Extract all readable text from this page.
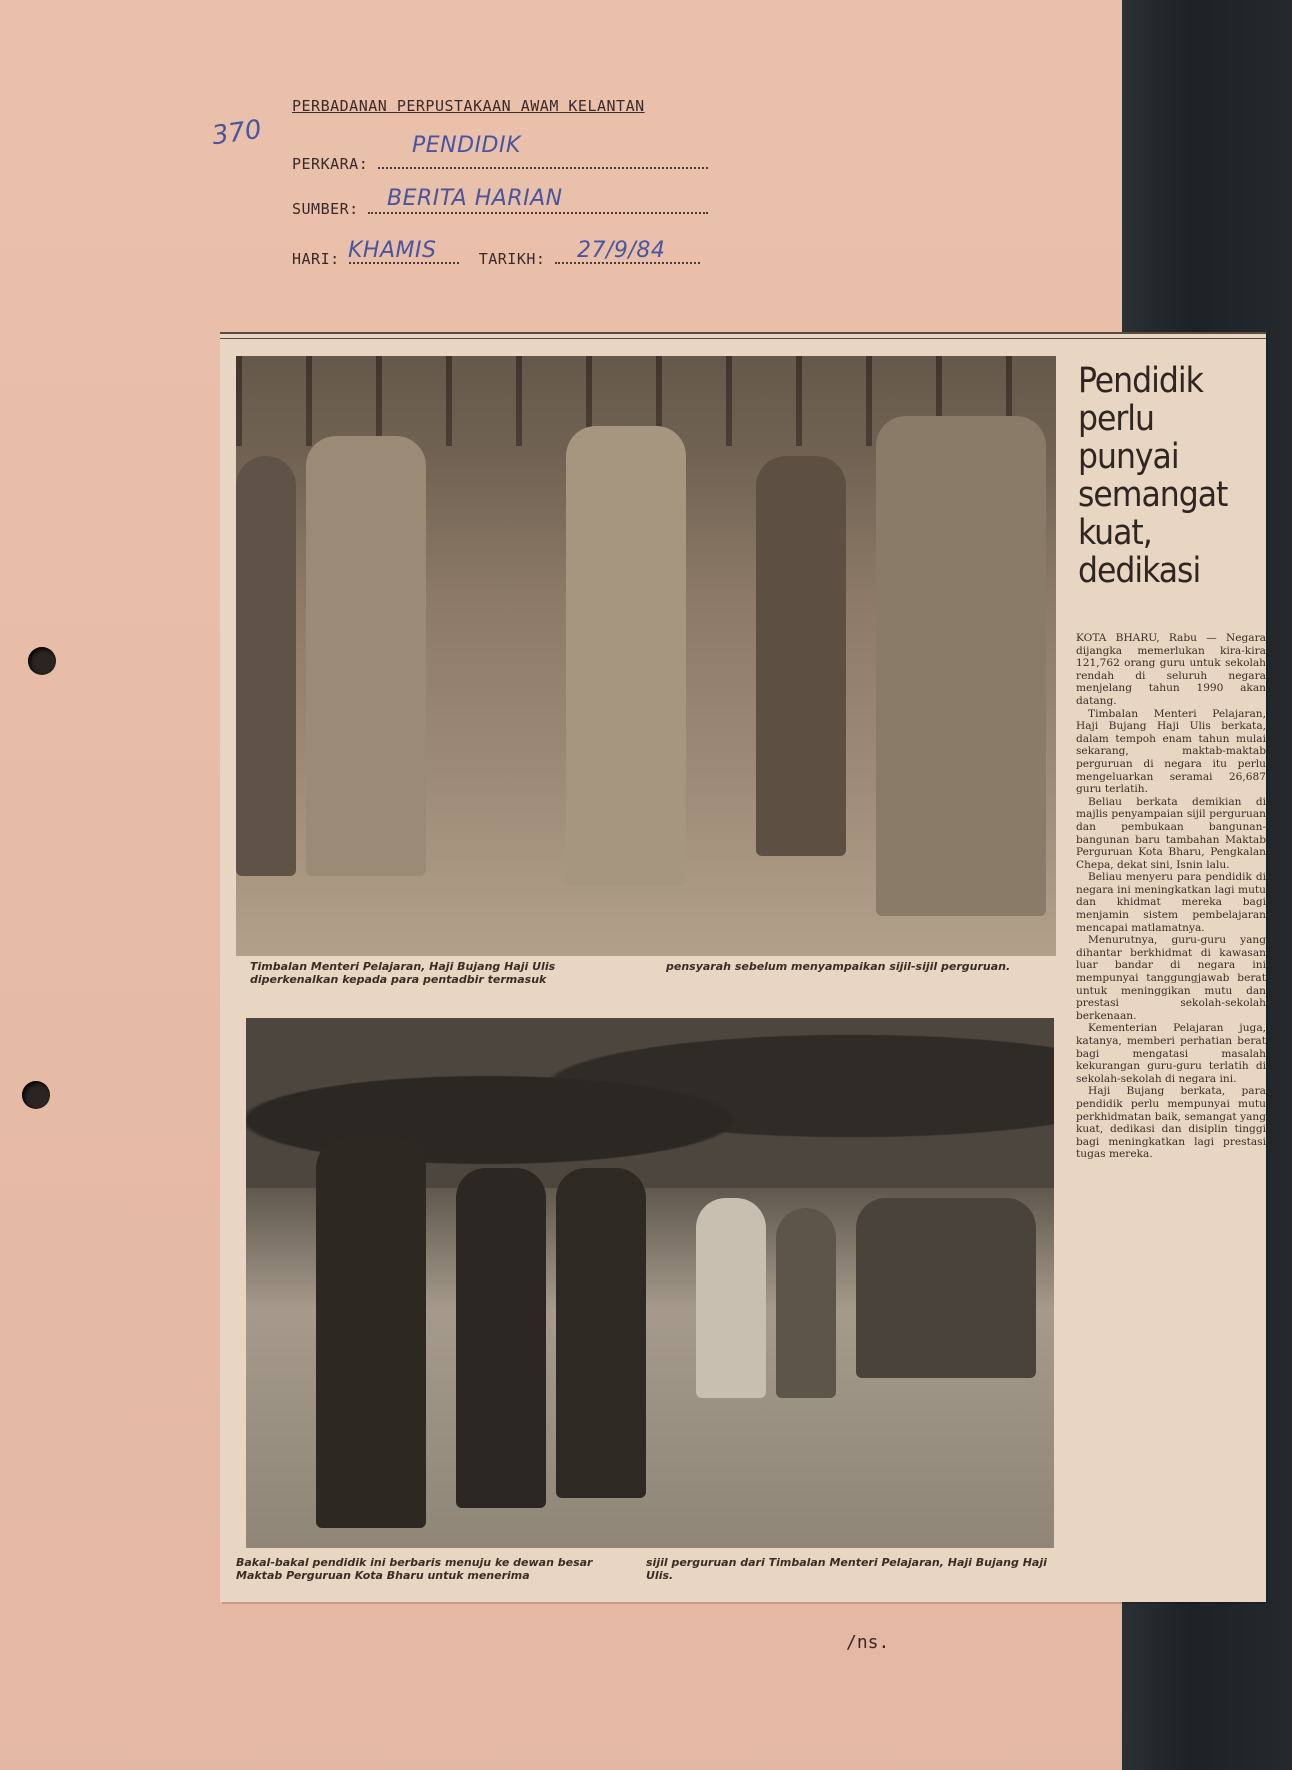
370
PERBADANAN PERPUSTAKAAN AWAM KELANTAN
PERKARA:
PENDIDIK
SUMBER: BERITA HARIAN
HARI:	TARIKH:
KHAMIS	27/9/84
/ns.
Timbalan Menteri Pelajaran, Haji Bujang Haji Ulis diperkenalkan kepada para pentadbir termasuk
pensyarah sebelum menyampaikan sijil-sijil perguruan.
Bakal-bakal pendidik ini berbaris menuju ke dewan besar Maktab Perguruan Kota Bharu untuk menerima
sijil perguruan dari Timbalan Menteri Pelajaran, Haji Bujang Haji Ulis.
Pendidik perlu punyai semangat kuat, dedikasi

KOTA BHARU, Rabu — Negara dijangka memerlukan kira-kira 121,762 orang guru untuk sekolah rendah di seluruh negara menjelang tahun 1990 akan datang.

Timbalan Menteri Pelajaran, Haji Bujang Haji Ulis berkata, dalam tempoh enam tahun mulai sekarang, maktab-maktab perguruan di negara itu perlu mengeluarkan seramai 26,687 guru terlatih.

Beliau berkata demikian di majlis penyampaian sijil perguruan dan pembukaan bangunan-bangunan baru tambahan Maktab Perguruan Kota Bharu, Pengkalan Chepa, dekat sini, Isnin lalu.

Beliau menyeru para pendidik di negara ini meningkatkan lagi mutu dan khidmat mereka bagi menjamin sistem pembelajaran mencapai matlamatnya.

Menurutnya, guru-guru yang dihantar berkhidmat di kawasan luar bandar di negara ini mempunyai tanggungjawab berat untuk meninggikan mutu dan prestasi sekolah-sekolah berkenaan.

Kementerian Pelajaran juga, katanya, memberi perhatian berat bagi mengatasi masalah kekurangan guru-guru terlatih di sekolah-sekolah di negara ini.

Haji Bujang berkata, para pendidik perlu mempunyai mutu perkhidmatan baik, semangat yang kuat, dedikasi dan disiplin tinggi bagi meningkatkan lagi prestasi tugas mereka.
